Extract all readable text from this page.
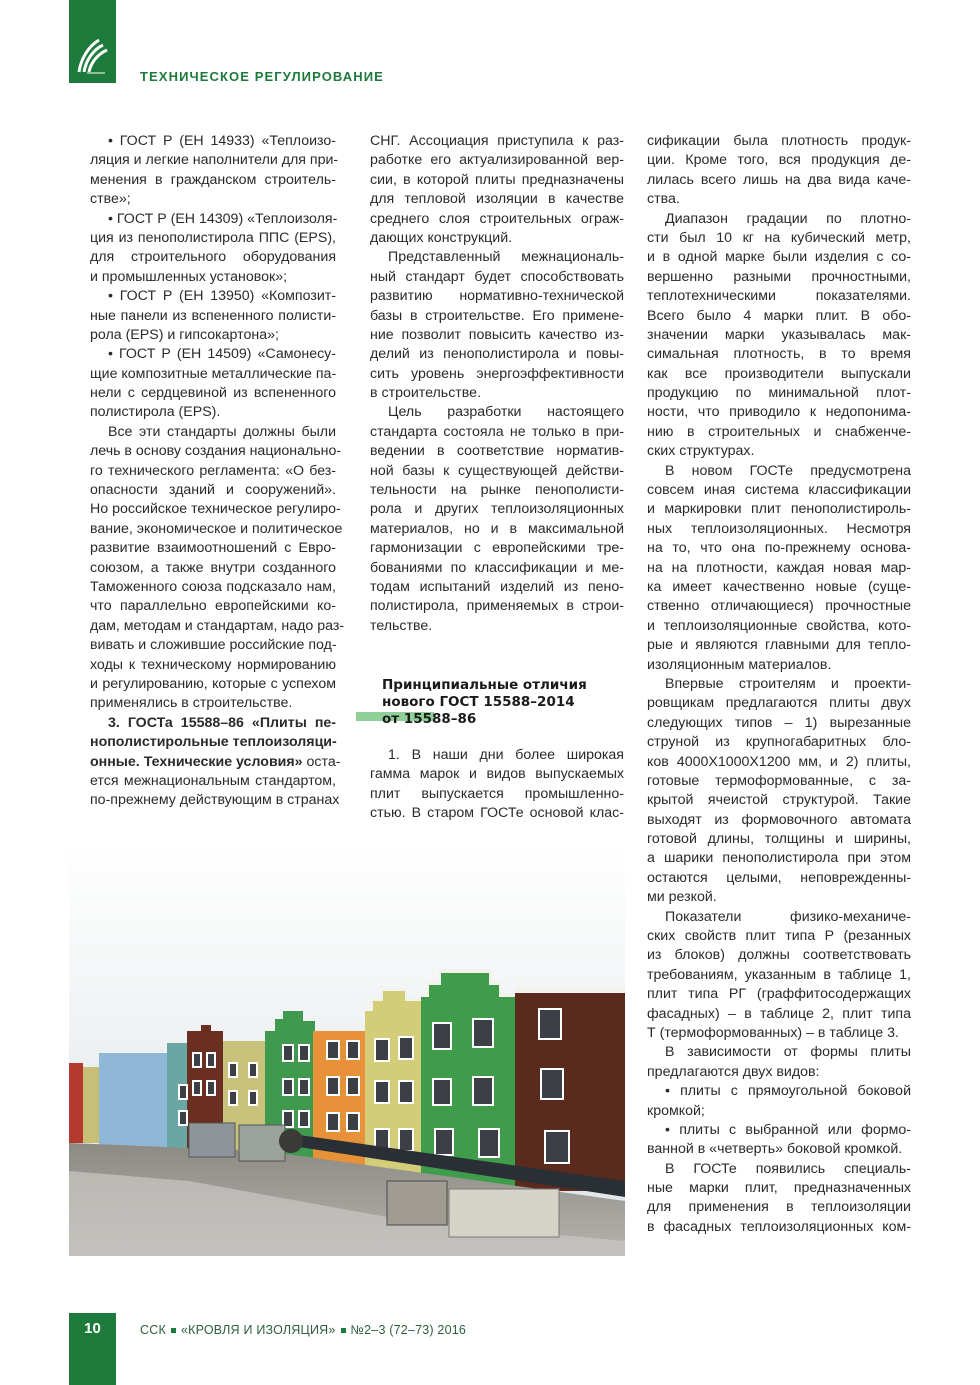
ТЕХНИЧЕСКОЕ РЕГУЛИРОВАНИЕ
• ГОСТ Р (ЕН 14933) «Теплоизо-
ляция и легкие наполнители для при-
менения в гражданском строитель-
стве»;
• ГОСТ Р (ЕН 14309) «Теплоизоля-
ция из пенополистирола ППС (EPS),
для строительного оборудования
и промышленных установок»;
• ГОСТ Р (ЕН 13950) «Композит-
ные панели из вспененного полисти-
рола (EPS) и гипсокартона»;
• ГОСТ Р (ЕН 14509) «Самонесу-
щие композитные металлические па-
нели с сердцевиной из вспененного
полистирола (EPS).
Все эти стандарты должны были
лечь в основу создания национально-
го технического регламента: «О без-
опасности зданий и сооружений».
Но российское техническое регулиро-
вание, экономическое и политическое
развитие взаимоотношений с Евро-
союзом, а также внутри созданного
Таможенного союза подсказало нам,
что параллельно европейскими ко-
дам, методам и стандартам, надо раз-
вивать и сложившие российские под-
ходы к техническому нормированию
и регулированию, которые с успехом
применялись в строительстве.
3. ГОСТа 15588–86 «Плиты пе-
нополистирольные теплоизоляци-
онные. Технические условия» оста-
ется межнациональным стандартом,
по-прежнему действующим в странах
СНГ. Ассоциация приступила к раз-
работке его актуализированной вер-
сии, в которой плиты предназначены
для тепловой изоляции в качестве
среднего слоя строительных ограж-
дающих конструкций.
Представленный межнациональ-
ный стандарт будет способствовать
развитию нормативно-технической
базы в строительстве. Его примене-
ние позволит повысить качество из-
делий из пенополистирола и повы-
сить уровень энергоэффективности
в строительстве.
Цель разработки настоящего
стандарта состояла не только в при-
ведении в соответствие норматив-
ной базы к существующей действи-
тельности на рынке пенополисти-
рола и других теплоизоляционных
материалов, но и в максимальной
гармонизации с европейскими тре-
бованиями по классификации и ме-
тодам испытаний изделий из пено-
полистирола, применяемых в строи-
тельстве.
Принципиальные отличия
нового ГОСТ 15588–2014
от 15588–86
1. В наши дни более широкая
гамма марок и видов выпускаемых
плит выпускается промышленно-
стью. В старом ГОСТе основой клас-
сификации была плотность продук-
ции. Кроме того, вся продукция де-
лилась всего лишь на два вида каче-
ства.
Диапазон градации по плотно-
сти был 10 кг на кубический метр,
и в одной марке были изделия с со-
вершенно разными прочностными,
теплотехническими показателями.
Всего было 4 марки плит. В обо-
значении марки указывалась мак-
симальная плотность, в то время
как все производители выпускали
продукцию по минимальной плот-
ности, что приводило к недопонима-
нию в строительных и снабженче-
ских структурах.
В новом ГОСТе предусмотрена
совсем иная система классификации
и маркировки плит пенополистироль-
ных теплоизоляционных. Несмотря
на то, что она по-прежнему основа-
на на плотности, каждая новая мар-
ка имеет качественно новые (суще-
ственно отличающиеся) прочностные
и теплоизоляционные свойства, кото-
рые и являются главными для тепло-
изоляционным материалов.
Впервые строителям и проекти-
ровщикам предлагаются плиты двух
следующих типов – 1) вырезанные
струной из крупногабаритных бло-
ков 4000Х1000Х1200 мм, и 2) плиты,
готовые термоформованные, с за-
крытой ячеистой структурой. Такие
выходят из формовочного автомата
готовой длины, толщины и ширины,
а шарики пенополистирола при этом
остаются целыми, неповрежденны-
ми резкой.
Показатели физико-механиче-
ских свойств плит типа Р (резанных
из блоков) должны соответствовать
требованиям, указанным в таблице 1,
плит типа РГ (граффитосодержащих
фасадных) – в таблице 2, плит типа
Т (термоформованных) – в таблице 3.
В зависимости от формы плиты
предлагаются двух видов:
• плиты с прямоугольной боковой
кромкой;
• плиты с выбранной или формо-
ванной в «четверть» боковой кромкой.
В ГОСТе появились специаль-
ные марки плит, предназначенных
для применения в теплоизоляции
в фасадных теплоизоляционных ком-
10	ССК «КРОВЛЯ И ИЗОЛЯЦИЯ» №2–3 (72–73) 2016
